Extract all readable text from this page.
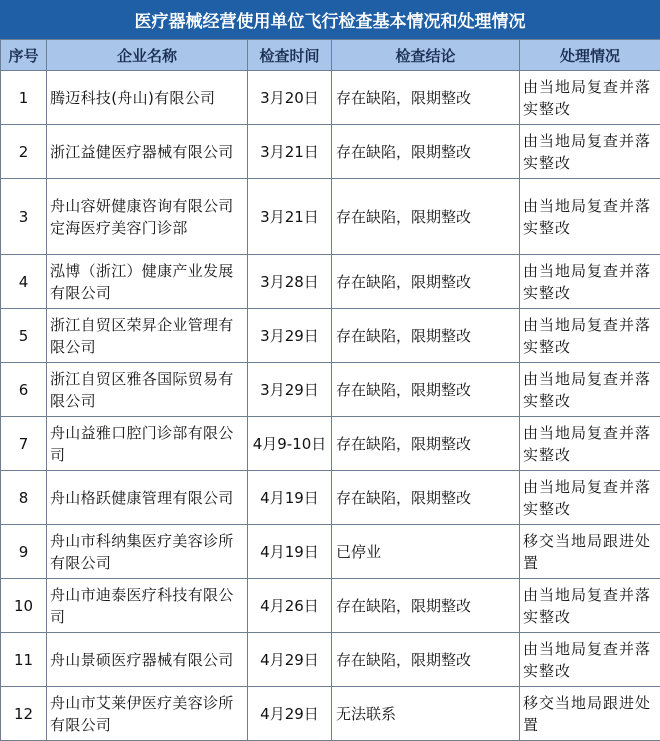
医疗器械经营使用单位飞行检查基本情况和处理情况
序号	企业名称	检查时间	检查结论	处理情况
1	腾迈科技(舟山)有限公司	3月20日	存在缺陷，限期整改	由当地局复查并落实整改
2	浙江益健医疗器械有限公司	3月21日	存在缺陷，限期整改	由当地局复查并落实整改
3	舟山容妍健康咨询有限公司定海医疗美容门诊部	3月21日	存在缺陷，限期整改	由当地局复查并落实整改
4	泓博（浙江）健康产业发展有限公司	3月28日	存在缺陷，限期整改	由当地局复查并落实整改
5	浙江自贸区荣昇企业管理有限公司	3月29日	存在缺陷，限期整改	由当地局复查并落实整改
6	浙江自贸区雅各国际贸易有限公司	3月29日	存在缺陷，限期整改	由当地局复查并落实整改
7	舟山益雅口腔门诊部有限公司	4月9-10日	存在缺陷，限期整改	由当地局复查并落实整改
8	舟山格跃健康管理有限公司	4月19日	存在缺陷，限期整改	由当地局复查并落实整改
9	舟山市科纳集医疗美容诊所有限公司	4月19日	已停业	移交当地局跟进处置
10	舟山市迪泰医疗科技有限公司	4月26日	存在缺陷，限期整改	由当地局复查并落实整改
11	舟山景硕医疗器械有限公司	4月29日	存在缺陷，限期整改	由当地局复查并落实整改
12	舟山市艾莱伊医疗美容诊所有限公司	4月29日	无法联系	移交当地局跟进处置
